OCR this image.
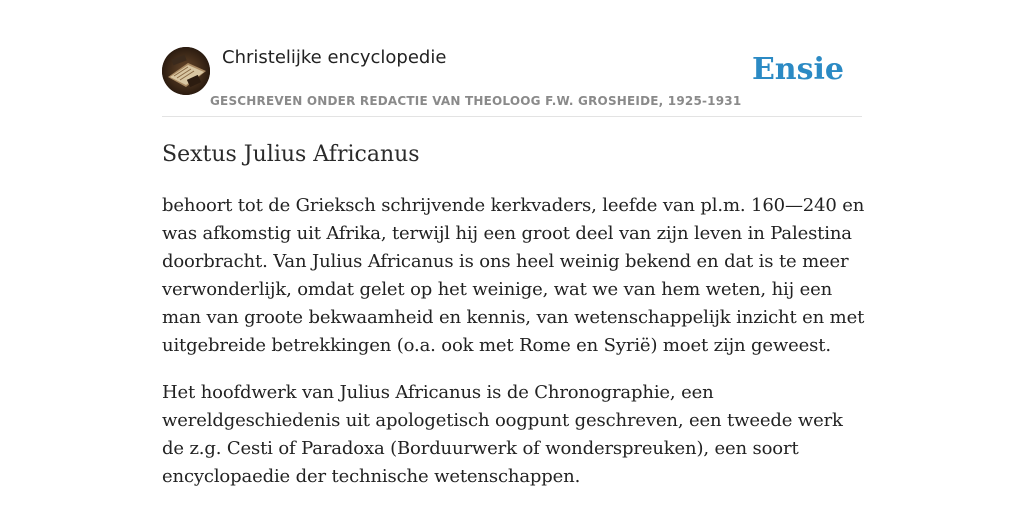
Christelijke encyclopedie
GESCHREVEN ONDER REDACTIE VAN THEOLOOG F.W. GROSHEIDE, 1925-1931
Ensie
Sextus Julius Africanus

behoort tot de Grieksch schrijvende kerkvaders, leefde van pl.m. 160—240 en was afkomstig uit Afrika, terwijl hij een groot deel van zijn leven in Palestina doorbracht. Van Julius Africanus is ons heel weinig bekend en dat is te meer verwonderlijk, omdat gelet op het weinige, wat we van hem weten, hij een man van groote bekwaamheid en kennis, van wetenschappelijk inzicht en met uitgebreide betrekkingen (o.a. ook met Rome en Syrië) moet zijn geweest.

Het hoofdwerk van Julius Africanus is de Chronographie, een wereldgeschiedenis uit apologetisch oogpunt geschreven, een tweede werk de z.g. Cesti of Paradoxa (Borduurwerk of wonderspreuken), een soort encyclopaedie der technische wetenschappen.
